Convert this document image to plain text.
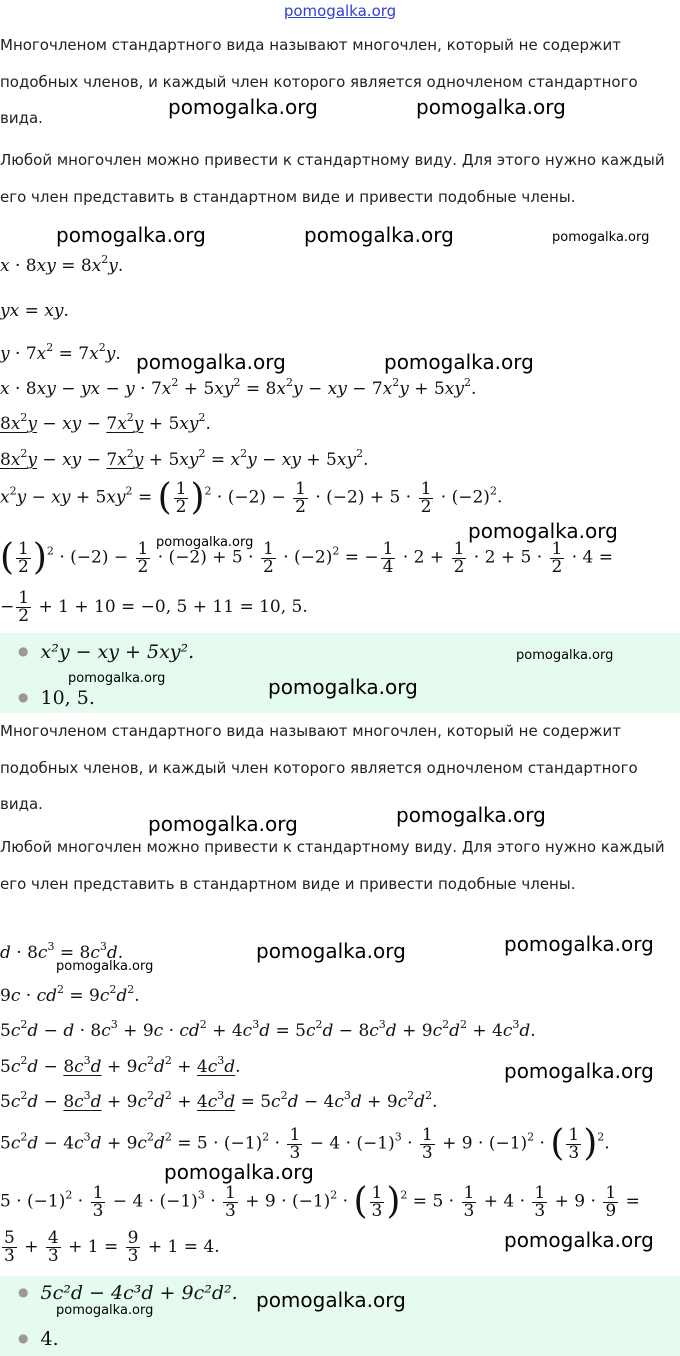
pomogalka.org
Многочленом стандартного вида называют многочлен, который не содержит подобных членов, и каждый член которого является одночленом стандартного вида.
Любой многочлен можно привести к стандартному виду. Для этого нужно каждый его член представить в стандартном виде и привести подобные члены.
$x \cdot 8xy = 8x^2y$.
yx = xy.
$y \cdot 7x^2 = 7x^2y$.
x · 8xy − yx − $y \cdot 7x^2 + 5xy^2 = 8x^2y$ − xy − $7x^2y + 5xy^2$.
$8x^2y$ − xy − $7x^2y + 5xy^2$.
$8x^2y$ − xy − $7x^2y + 5xy^2 = x^2y$ − xy + $5xy^2$.
$x^2y$ − xy + $5xy^2$ = ( $\frac{1}{2} )^2 \cdot (-2) - \frac{1}{2} \cdot (-2) + 5 \cdot \frac{1}{2} \cdot (-2)^2$.
( $\frac{1}{2} )^2 \cdot (-2) - \frac{1}{2} \cdot (-2) + 5 \cdot \frac{1}{2} \cdot (-2)^2$ = − $\frac{1}{4} \cdot 2 + \frac{1}{2} \cdot 2 + 5 \cdot \frac{1}{2} \cdot 4$ =
− $\frac{1}{2} + 1 + 10 = -0$, 5 + 11 = 10, 5.
● x²y − xy + 5xy².
● 10, 5.
Многочленом стандартного вида называют многочлен, который не содержит подобных членов, и каждый член которого является одночленом стандартного вида.
Любой многочлен можно привести к стандартному виду. Для этого нужно каждый его член представить в стандартном виде и привести подобные члены.
$d \cdot 8c^3 = 8c^3d$.
$9c \cdot cd^2 = 9c^2d^2$.
$5c^2d - d \cdot 8c^3 + 9c \cdot cd^2 + 4c^3d = 5c^2d - 8c^3d + 9c^2d^2 + 4c^3d$.
$5c^2d - 8c^3d + 9c^2d^2 + 4c^3d$.
$5c^2d - 8c^3d + 9c^2d^2 + 4c^3d = 5c^2d - 4c^3d + 9c^2d^2$.
$5c^2d - 4c^3d + 9c^2d^2 = 5 \cdot (-1)^2 \cdot \frac{1}{3} - 4 \cdot (-1)^3 \cdot \frac{1}{3} + 9 \cdot (-1)^2$ · ( $\frac{1}{3} )^2$.
$5 \cdot (-1)^2 \cdot \frac{1}{3} - 4 \cdot (-1)^3 \cdot \frac{1}{3} + 9 \cdot (-1)^2$ · ( $\frac{1}{3} )^2 = 5 \cdot \frac{1}{3} + 4 \cdot \frac{1}{3} + 9 \cdot \frac{1}{9}$ =
$\frac{5}{3} + \frac{4}{3} + 1 = \frac{9}{3} + 1 = 4$.
● 5c²d − 4c³d + 9c²d².
● 4.
pomogalka.org	pomogalka.org
pomogalka.org	pomogalka.org	pomogalka.org
pomogalka.org	pomogalka.org
pomogalka.org
pomogalka.org
pomogalka.org
pomogalka.org	pomogalka.org
pomogalka.org
pomogalka.org
pomogalka.org
pomogalka.org
pomogalka.org
pomogalka.org
pomogalka.org
pomogalka.org
pomogalka.org
pomogalka.org
